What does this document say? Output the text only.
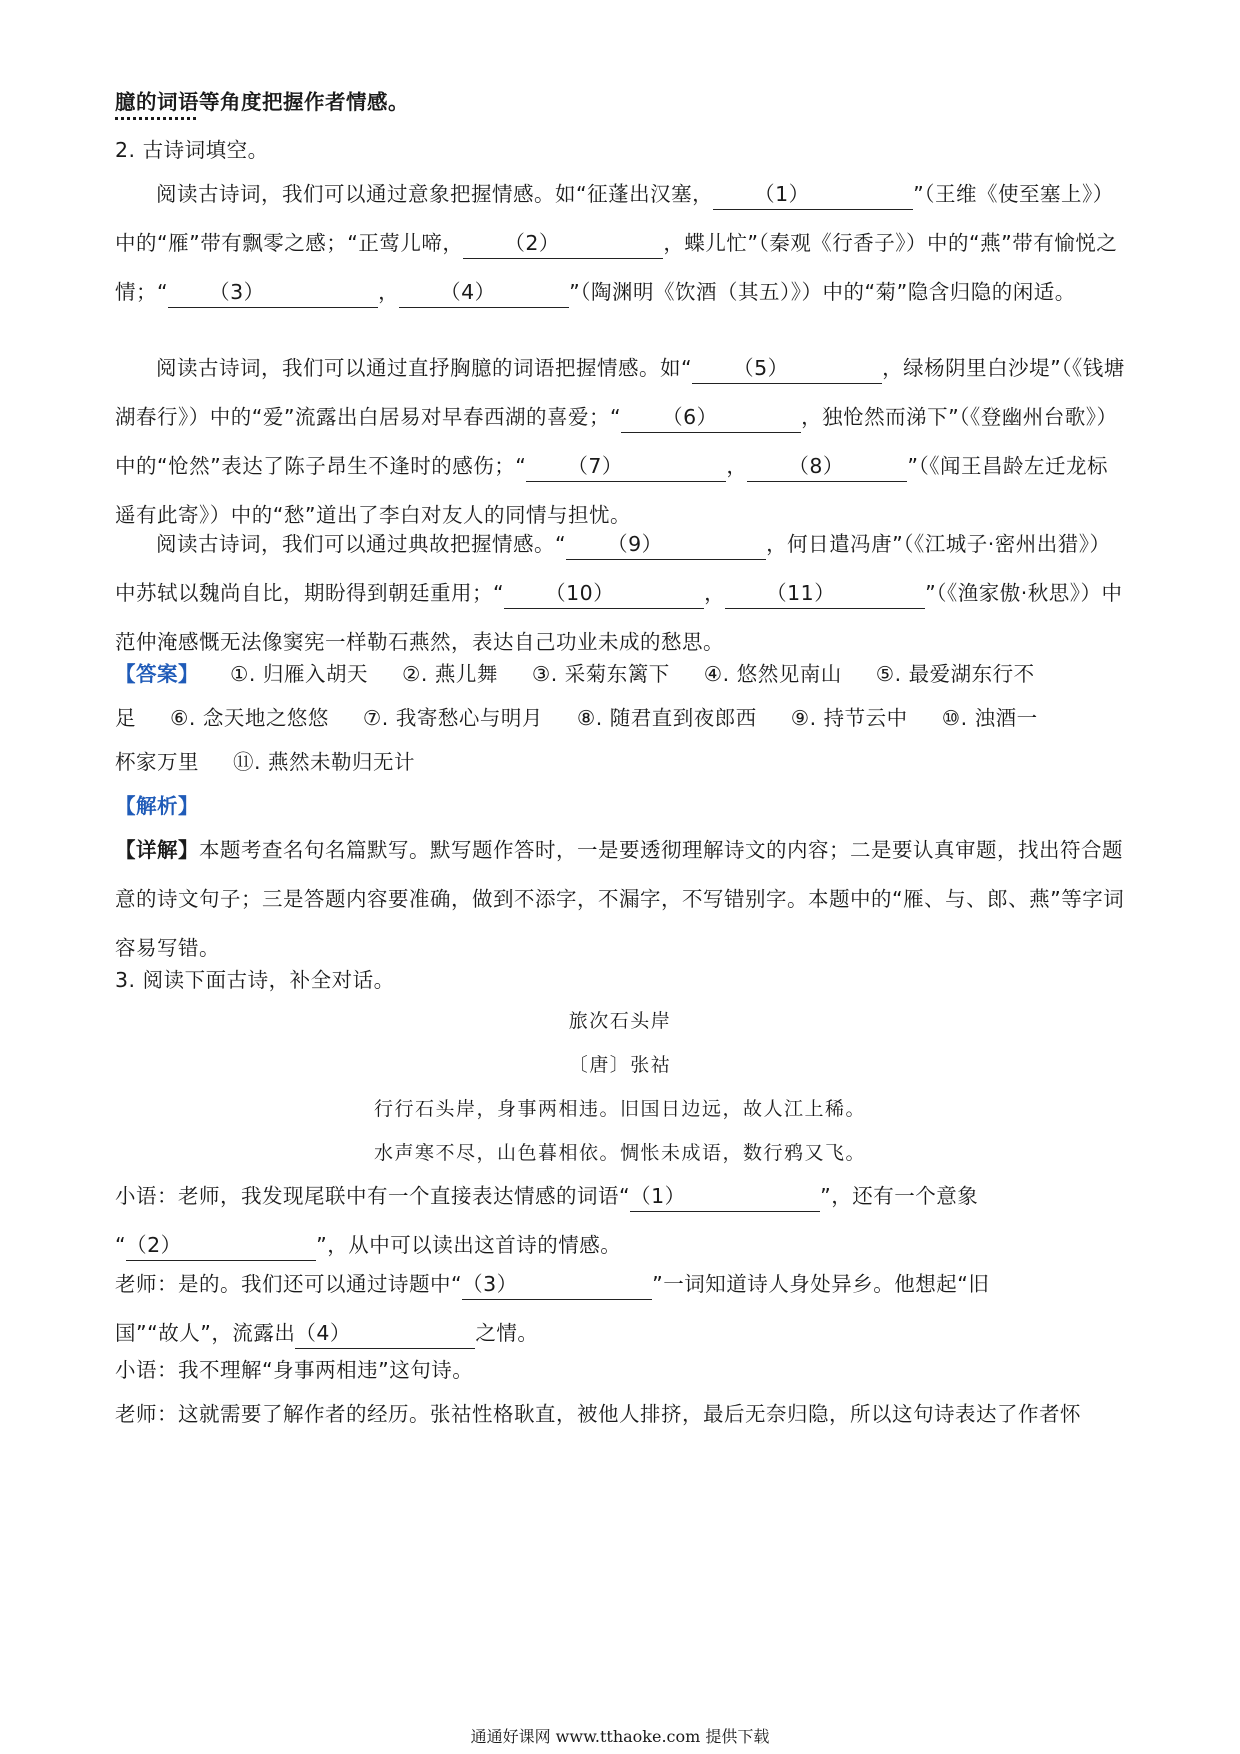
臆的词语等角度把握作者情感。
2. 古诗词填空。
阅读古诗词，我们可以通过意象把握情感。如“征蓬出汉塞， （1）	”（王维《使至塞上》）中的“雁”带有飘零之感；“正莺儿啼， （2）	，蝶儿忙”（秦观《行香子》）中的“燕”带有愉悦之情；“ （3）	， （4）	”（陶渊明《饮酒（其五）》）中的“菊”隐含归隐的闲适。
阅读古诗词，我们可以通过直抒胸臆的词语把握情感。如“ （5）	，绿杨阴里白沙堤”（《钱塘湖春行》）中的“爱”流露出白居易对早春西湖的喜爱；“ （6）	，独怆然而涕下”（《登幽州台歌》）中的“怆然”表达了陈子昂生不逢时的感伤；“ （7）	， （8）	”（《闻王昌龄左迁龙标遥有此寄》）中的“愁”道出了李白对友人的同情与担忧。
阅读古诗词，我们可以通过典故把握情感。“ （9）	，何日遣冯唐”（《江城子·密州出猎》）中苏轼以魏尚自比，期盼得到朝廷重用；“ （10）	， （11）	”（《渔家傲·秋思》）中范仲淹感慨无法像窦宪一样勒石燕然，表达自己功业未成的愁思。
【答案】 ①. 归雁入胡天 ②. 燕儿舞 ③. 采菊东篱下 ④. 悠然见南山 ⑤. 最爱湖东行不
足 ⑥. 念天地之悠悠 ⑦. 我寄愁心与明月 ⑧. 随君直到夜郎西 ⑨. 持节云中 ⑩. 浊酒一
杯家万里 ⑪. 燕然未勒归无计
【解析】
【详解】本题考查名句名篇默写。默写题作答时，一是要透彻理解诗文的内容；二是要认真审题，找出符合题意的诗文句子；三是答题内容要准确，做到不添字，不漏字，不写错别字。本题中的“雁、与、郎、燕”等字词容易写错。
3. 阅读下面古诗，补全对话。
旅次石头岸
〔唐〕张祜
行行石头岸，身事两相违。旧国日边远，故人江上稀。
水声寒不尽，山色暮相依。惆怅未成语，数行鸦又飞。
小语：老师，我发现尾联中有一个直接表达情感的词语“（1）	”，还有一个意象
“（2）	”，从中可以读出这首诗的情感。
老师：是的。我们还可以通过诗题中“（3）	”一词知道诗人身处异乡。他想起“旧
国”“故人”，流露出（4）	之情。
小语：我不理解“身事两相违”这句诗。
老师：这就需要了解作者的经历。张祜性格耿直，被他人排挤，最后无奈归隐，所以这句诗表达了作者怀
通通好课网 www.tthaoke.com 提供下载
